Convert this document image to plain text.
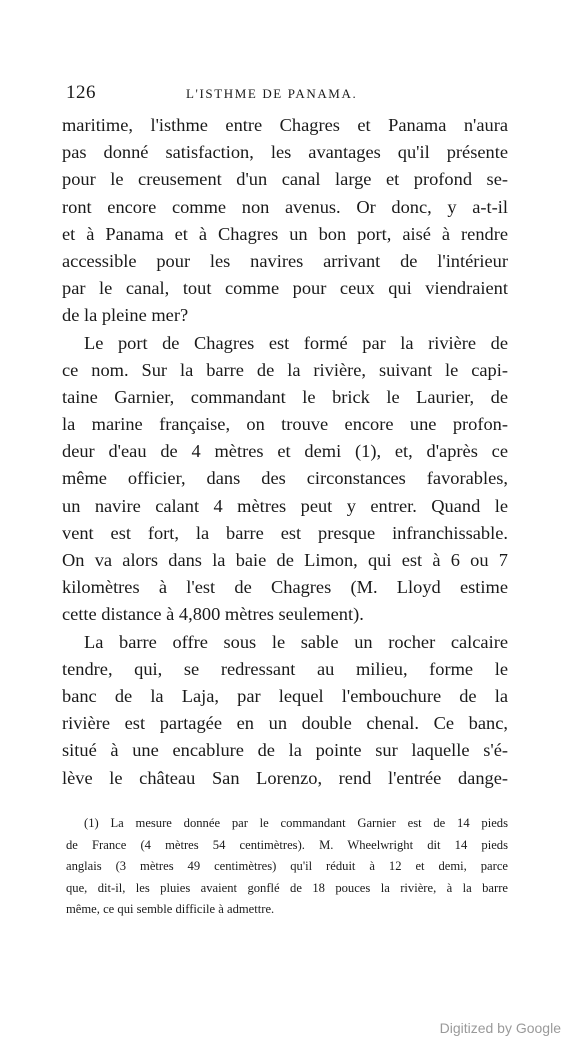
126	L'ISTHME DE PANAMA.
maritime, l'isthme entre Chagres et Panama n'aura
pas donné satisfaction, les avantages qu'il présente
pour le creusement d'un canal large et profond se-
ront encore comme non avenus. Or donc, y a-t-il
et à Panama et à Chagres un bon port, aisé à rendre
accessible pour les navires arrivant de l'intérieur
par le canal, tout comme pour ceux qui viendraient
de la pleine mer?
Le port de Chagres est formé par la rivière de
ce nom. Sur la barre de la rivière, suivant le capi-
taine Garnier, commandant le brick le Laurier, de
la marine française, on trouve encore une profon-
deur d'eau de 4 mètres et demi (1), et, d'après ce
même officier, dans des circonstances favorables,
un navire calant 4 mètres peut y entrer. Quand le
vent est fort, la barre est presque infranchissable.
On va alors dans la baie de Limon, qui est à 6 ou 7
kilomètres à l'est de Chagres (M. Lloyd estime
cette distance à 4,800 mètres seulement).
La barre offre sous le sable un rocher calcaire
tendre, qui, se redressant au milieu, forme le
banc de la Laja, par lequel l'embouchure de la
rivière est partagée en un double chenal. Ce banc,
situé à une encablure de la pointe sur laquelle s'é-
lève le château San Lorenzo, rend l'entrée dange-
(1) La mesure donnée par le commandant Garnier est de 14 pieds
de France (4 mètres 54 centimètres). M. Wheelwright dit 14 pieds
anglais (3 mètres 49 centimètres) qu'il réduit à 12 et demi, parce
que, dit-il, les pluies avaient gonflé de 18 pouces la rivière, à la barre
même, ce qui semble difficile à admettre.
Digitized by Google
